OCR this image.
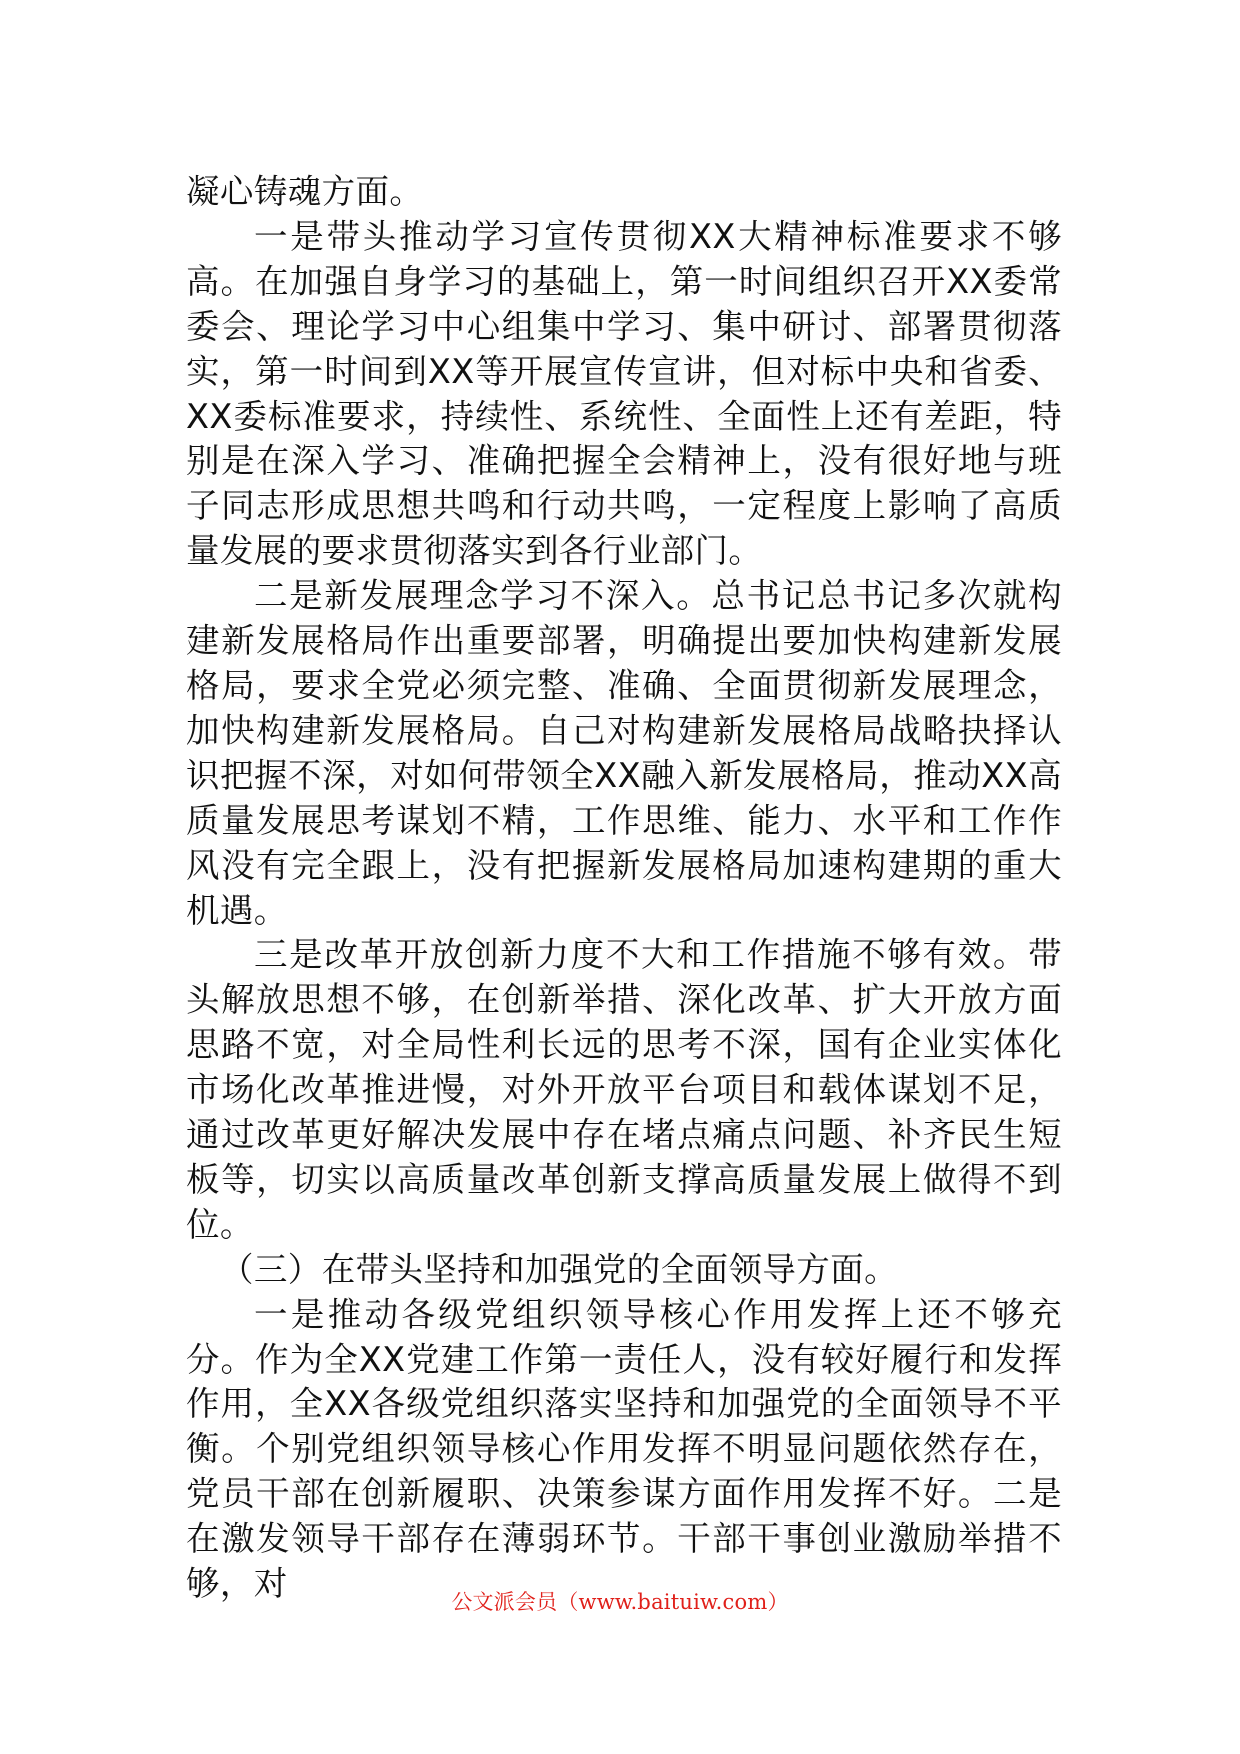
凝心铸魂方面。

一是带头推动学习宣传贯彻XX大精神标准要求不够高。在加强自身学习的基础上，第一时间组织召开XX委常委会、理论学习中心组集中学习、集中研讨、部署贯彻落实，第一时间到XX等开展宣传宣讲，但对标中央和省委、XX委标准要求，持续性、系统性、全面性上还有差距，特别是在深入学习、准确把握全会精神上，没有很好地与班子同志形成思想共鸣和行动共鸣，一定程度上影响了高质量发展的要求贯彻落实到各行业部门。

二是新发展理念学习不深入。总书记总书记多次就构建新发展格局作出重要部署，明确提出要加快构建新发展格局，要求全党必须完整、准确、全面贯彻新发展理念，加快构建新发展格局。自己对构建新发展格局战略抉择认识把握不深，对如何带领全XX融入新发展格局，推动XX高质量发展思考谋划不精，工作思维、能力、水平和工作作风没有完全跟上，没有把握新发展格局加速构建期的重大机遇。

三是改革开放创新力度不大和工作措施不够有效。带头解放思想不够，在创新举措、深化改革、扩大开放方面思路不宽，对全局性利长远的思考不深，国有企业实体化市场化改革推进慢，对外开放平台项目和载体谋划不足，通过改革更好解决发展中存在堵点痛点问题、补齐民生短板等，切实以高质量改革创新支撑高质量发展上做得不到位。

（三）在带头坚持和加强党的全面领导方面。

一是推动各级党组织领导核心作用发挥上还不够充分。作为全XX党建工作第一责任人，没有较好履行和发挥作用，全XX各级党组织落实坚持和加强党的全面领导不平衡。个别党组织领导核心作用发挥不明显问题依然存在，党员干部在创新履职、决策参谋方面作用发挥不好。二是在激发领导干部存在薄弱环节。干部干事创业激励举措不够，对	公文派会员（www.baituiw.com）
